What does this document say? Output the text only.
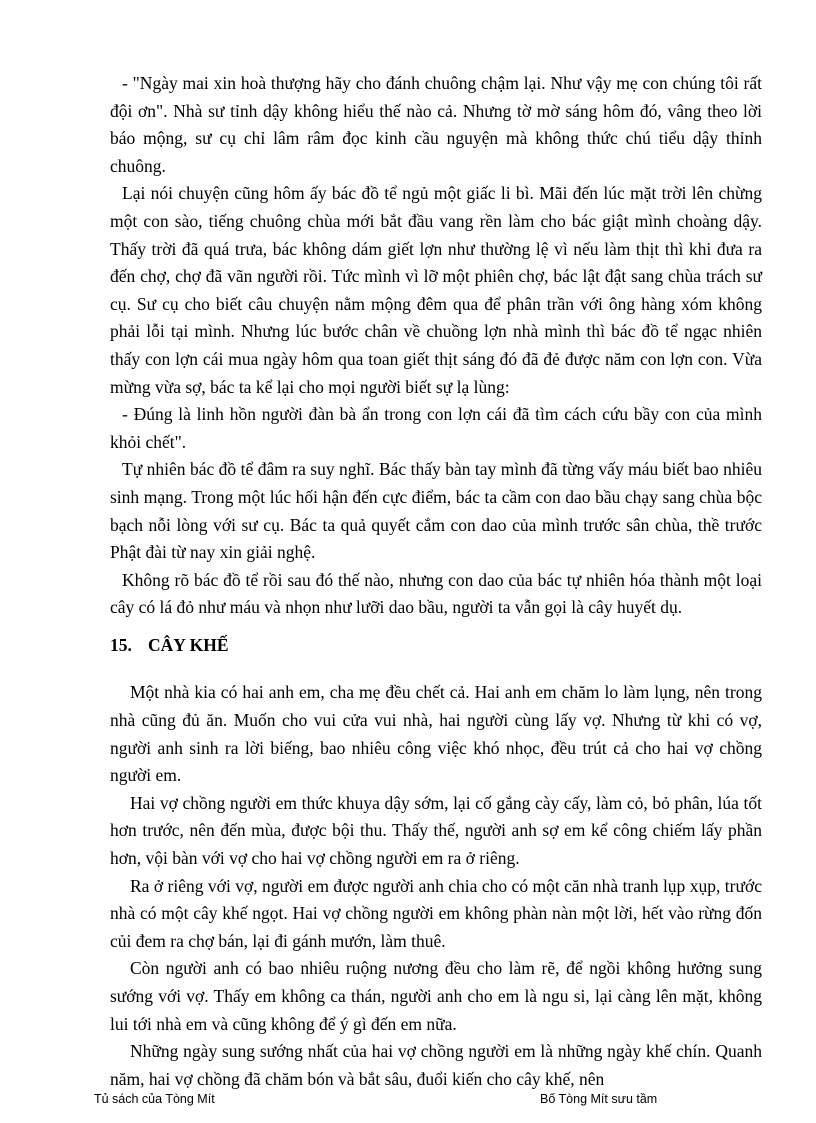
- "Ngày mai xin hoà thượng hãy cho đánh chuông chậm lại. Như vậy mẹ con chúng tôi rất đội ơn". Nhà sư tỉnh dậy không hiểu thế nào cả. Nhưng tờ mờ sáng hôm đó, vâng theo lời báo mộng, sư cụ chỉ lâm râm đọc kinh cầu nguyện mà không thức chú tiểu dậy thỉnh chuông.

Lại nói chuyện cũng hôm ấy bác đồ tể ngủ một giấc li bì. Mãi đến lúc mặt trời lên chừng một con sào, tiếng chuông chùa mới bắt đầu vang rền làm cho bác giật mình choàng dậy. Thấy trời đã quá trưa, bác không dám giết lợn như thường lệ vì nếu làm thịt thì khi đưa ra đến chợ, chợ đã vãn người rồi. Tức mình vì lỡ một phiên chợ, bác lật đật sang chùa trách sư cụ. Sư cụ cho biết câu chuyện nằm mộng đêm qua để phân trần với ông hàng xóm không phải lỗi tại mình. Nhưng lúc bước chân về chuồng lợn nhà mình thì bác đồ tể ngạc nhiên thấy con lợn cái mua ngày hôm qua toan giết thịt sáng đó đã đẻ được năm con lợn con. Vừa mừng vừa sợ, bác ta kể lại cho mọi người biết sự lạ lùng:

- Đúng là linh hồn người đàn bà ẩn trong con lợn cái đã tìm cách cứu bầy con của mình khỏi chết".

Tự nhiên bác đồ tể đâm ra suy nghĩ. Bác thấy bàn tay mình đã từng vấy máu biết bao nhiêu sinh mạng. Trong một lúc hối hận đến cực điểm, bác ta cầm con dao bầu chạy sang chùa bộc bạch nỗi lòng với sư cụ. Bác ta quả quyết cắm con dao của mình trước sân chùa, thề trước Phật đài từ nay xin giải nghệ.

Không rõ bác đồ tể rồi sau đó thế nào, nhưng con dao của bác tự nhiên hóa thành một loại cây có lá đỏ như máu và nhọn như lưỡi dao bầu, người ta vẫn gọi là cây huyết dụ.

15. CÂY KHẾ

Một nhà kia có hai anh em, cha mẹ đều chết cả. Hai anh em chăm lo làm lụng, nên trong nhà cũng đủ ăn. Muốn cho vui cửa vui nhà, hai người cùng lấy vợ. Nhưng từ khi có vợ, người anh sinh ra lời biếng, bao nhiêu công việc khó nhọc, đều trút cả cho hai vợ chồng người em.

Hai vợ chồng người em thức khuya dậy sớm, lại cố gắng cày cấy, làm cỏ, bỏ phân, lúa tốt hơn trước, nên đến mùa, được bội thu. Thấy thế, người anh sợ em kể công chiếm lấy phần hơn, vội bàn với vợ cho hai vợ chồng người em ra ở riêng.

Ra ở riêng với vợ, người em được người anh chia cho có một căn nhà tranh lụp xụp, trước nhà có một cây khế ngọt. Hai vợ chồng người em không phàn nàn một lời, hết vào rừng đốn củi đem ra chợ bán, lại đi gánh mướn, làm thuê.

Còn người anh có bao nhiêu ruộng nương đều cho làm rẽ, để ngồi không hưởng sung sướng với vợ. Thấy em không ca thán, người anh cho em là ngu si, lại càng lên mặt, không lui tới nhà em và cũng không để ý gì đến em nữa.

Những ngày sung sướng nhất của hai vợ chồng người em là những ngày khế chín. Quanh năm, hai vợ chồng đã chăm bón và bắt sâu, đuổi kiến cho cây khế, nên

Tủ sách của Tòng Mít	Bố Tòng Mít sưu tầm
